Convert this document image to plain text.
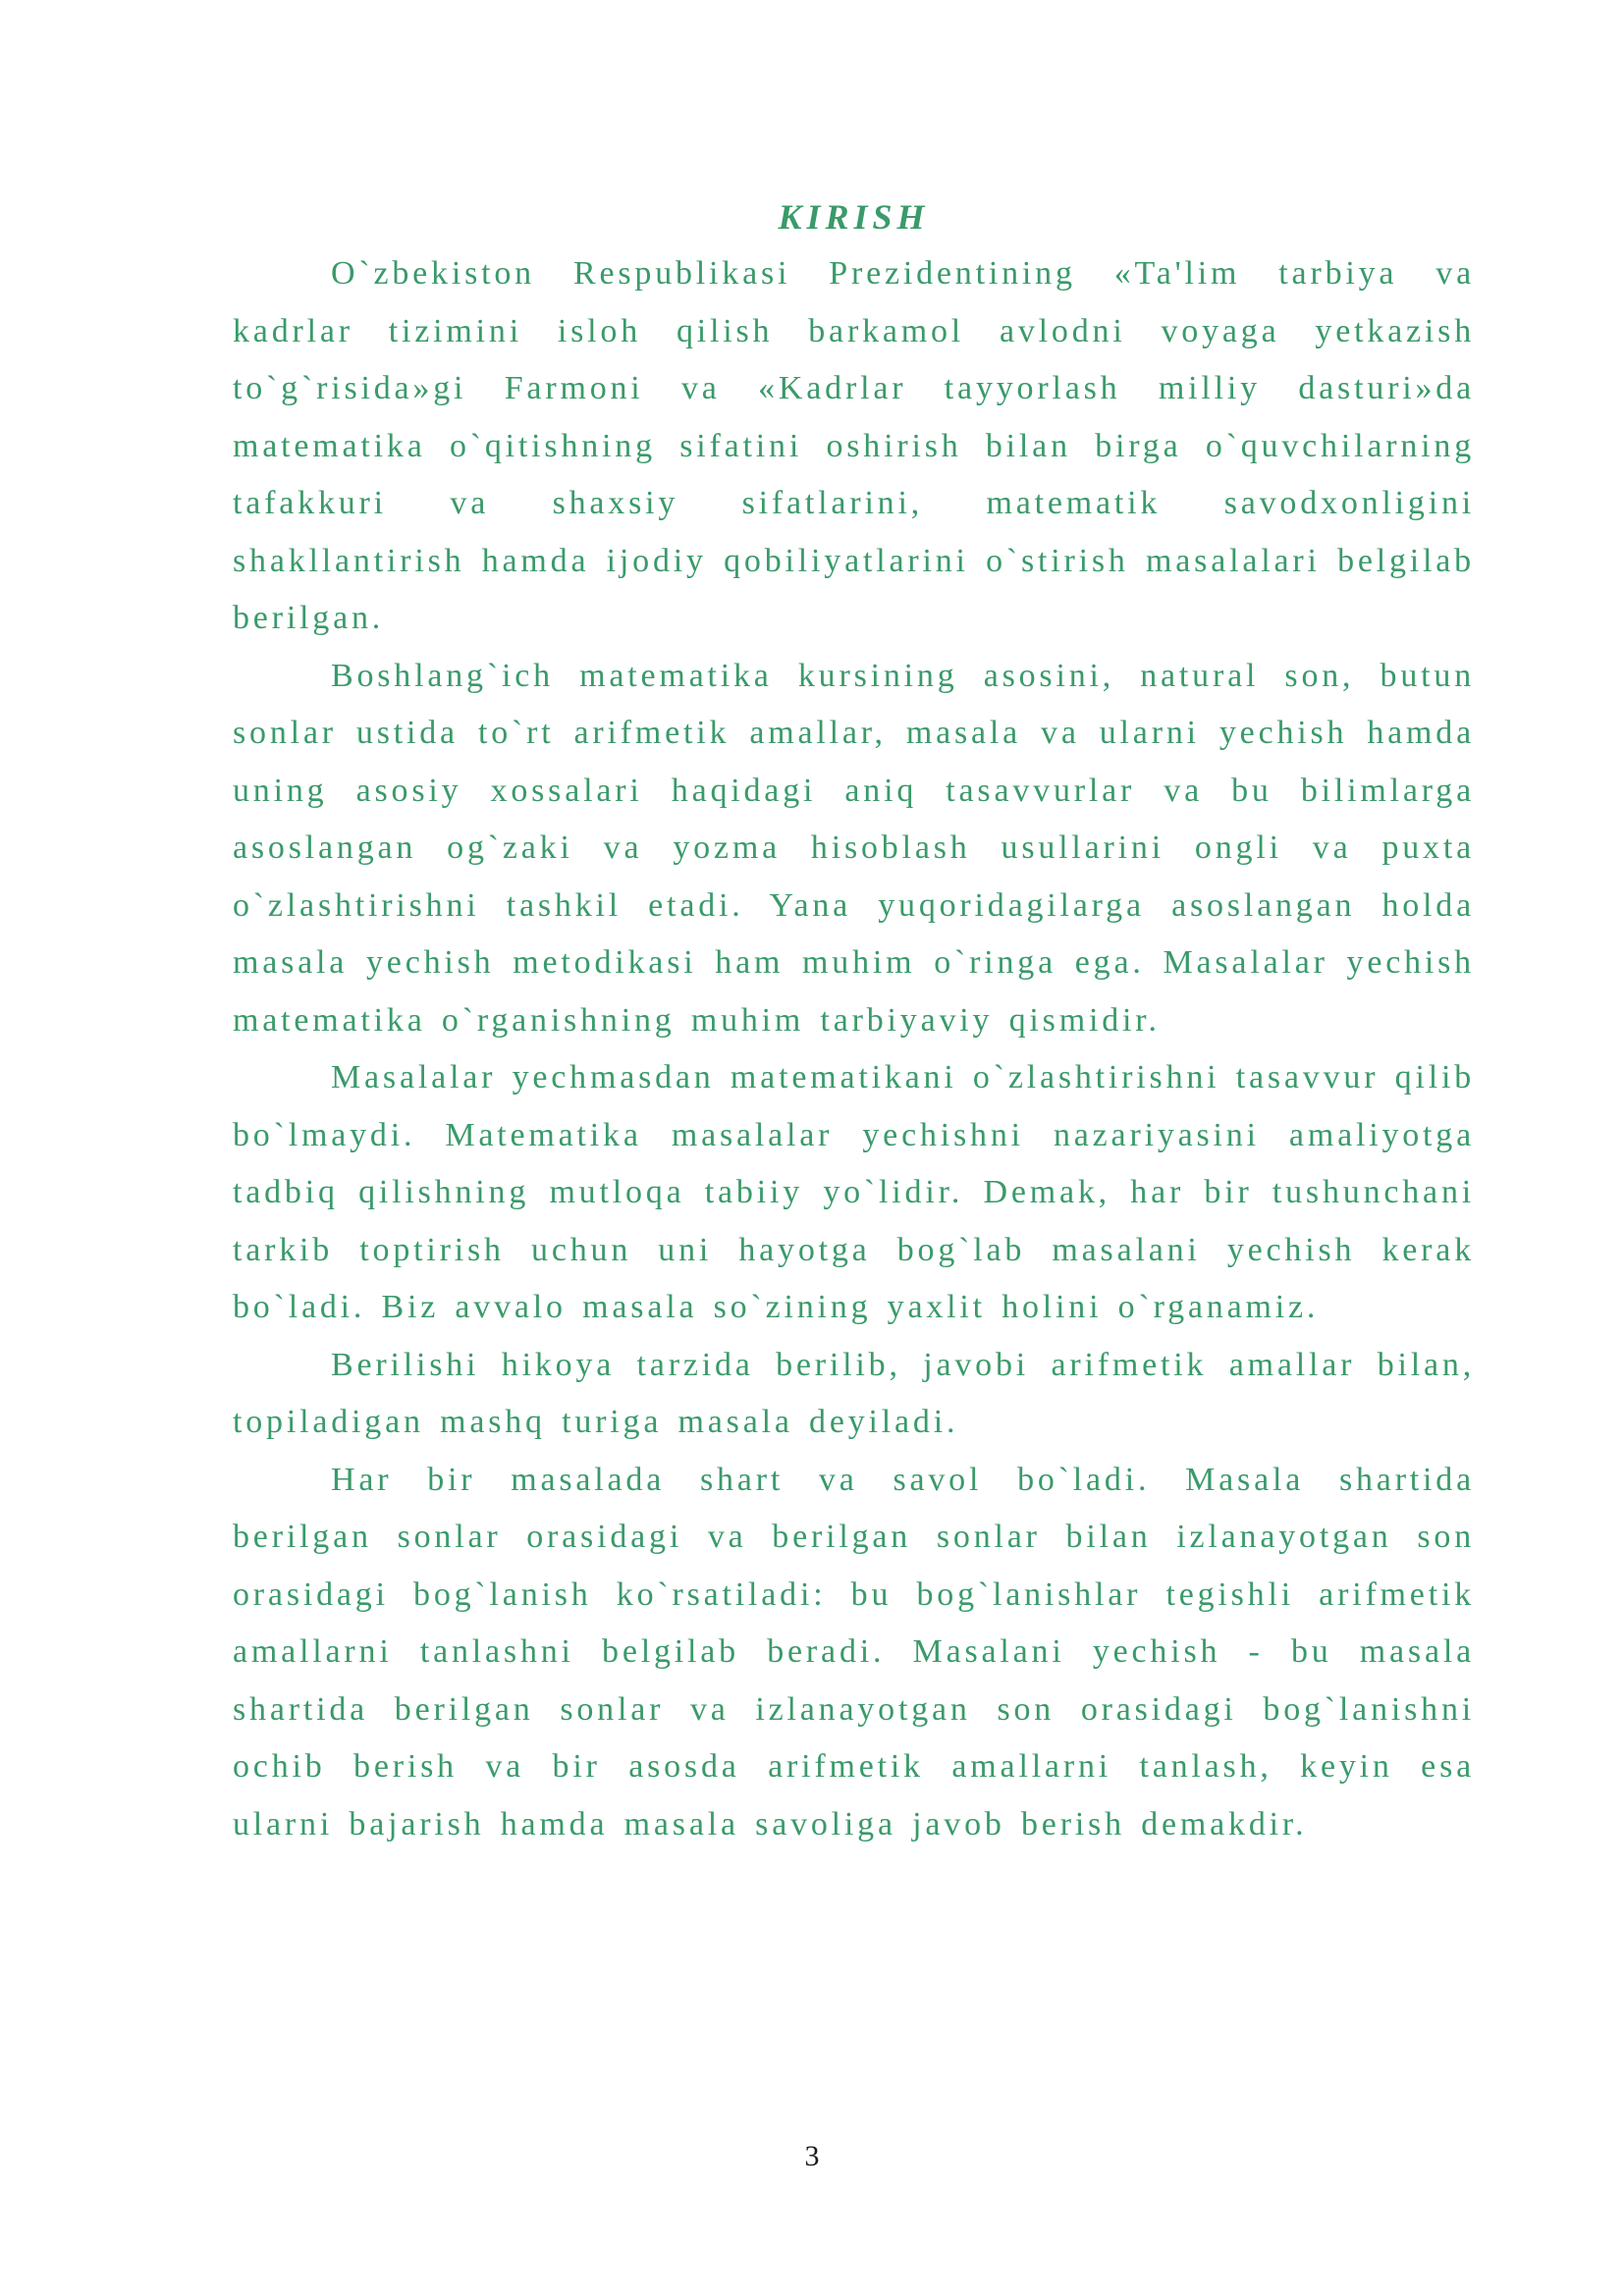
KIRISH

O`zbekiston Respublikasi Prezidentining «Ta'lim tarbiya va kadrlar tizimini isloh qilish barkamol avlodni voyaga yetkazish to`g`risida»gi Farmoni va «Kadrlar tayyorlash milliy dasturi»da matematika o`qitishning sifatini oshirish bilan birga o`quvchilarning tafakkuri va shaxsiy sifatlarini, matematik savodxonligini shakllantirish hamda ijodiy qobiliyatlarini o`stirish masalalari belgilab berilgan.

Boshlang`ich matematika kursining asosini, natural son, butun sonlar ustida to`rt arifmetik amallar, masala va ularni yechish hamda uning asosiy xossalari haqidagi aniq tasavvurlar va bu bilimlarga asoslangan og`zaki va yozma hisoblash usullarini ongli va puxta o`zlashtirishni tashkil etadi. Yana yuqoridagilarga asoslangan holda masala yechish metodikasi ham muhim o`ringa ega. Masalalar yechish matematika o`rganishning muhim tarbiyaviy qismidir.

Masalalar yechmasdan matematikani o`zlashtirishni tasavvur qilib bo`lmaydi. Matematika masalalar yechishni nazariyasini amaliyotga tadbiq qilishning mutloqa tabiiy yo`lidir. Demak, har bir tushunchani tarkib toptirish uchun uni hayotga bog`lab masalani yechish kerak bo`ladi. Biz avvalo masala so`zining yaxlit holini o`rganamiz.

Berilishi hikoya tarzida berilib, javobi arifmetik amallar bilan, topiladigan mashq turiga masala deyiladi.

Har bir masalada shart va savol bo`ladi. Masala shartida berilgan sonlar orasidagi va berilgan sonlar bilan izlanayotgan son orasidagi bog`lanish ko`rsatiladi: bu bog`lanishlar tegishli arifmetik amallarni tanlashni belgilab beradi. Masalani yechish - bu masala shartida berilgan sonlar va izlanayotgan son orasidagi bog`lanishni ochib berish va bir asosda arifmetik amallarni tanlash, keyin esa ularni bajarish hamda masala savoliga javob berish demakdir.

3
